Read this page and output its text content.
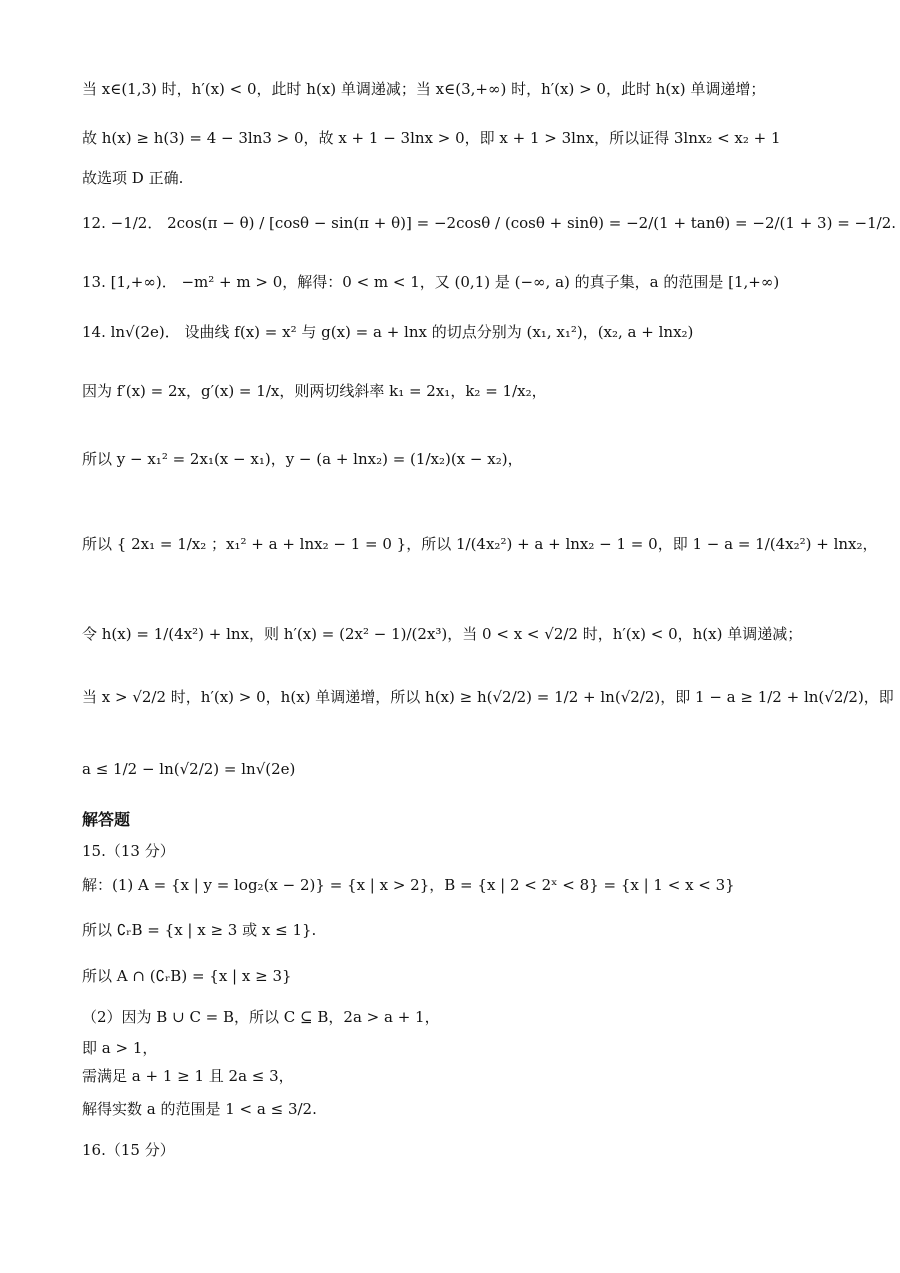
当 x∈(1,3) 时，h′(x) < 0，此时 h(x) 单调递减；当 x∈(3,+∞) 时，h′(x) > 0，此时 h(x) 单调递增；
故 h(x) ≥ h(3) = 4 − 3ln3 > 0，故 x + 1 − 3lnx > 0，即 x + 1 > 3lnx，所以证得 3lnx₂ < x₂ + 1
故选项 D 正确.
12. −1/2． 2cos(π − θ) / [cosθ − sin(π + θ)] = −2cosθ / (cosθ + sinθ) = −2/(1 + tanθ) = −2/(1 + 3) = −1/2.
13. [1,+∞)． −m² + m > 0，解得：0 < m < 1，又 (0,1) 是 (−∞, a) 的真子集，a 的范围是 [1,+∞)
14. ln√(2e)． 设曲线 f(x) = x² 与 g(x) = a + lnx 的切点分别为 (x₁, x₁²)，(x₂, a + lnx₂)
因为 f′(x) = 2x，g′(x) = 1/x，则两切线斜率 k₁ = 2x₁，k₂ = 1/x₂，
所以 y − x₁² = 2x₁(x − x₁)，y − (a + lnx₂) = (1/x₂)(x − x₂)，
所以 { 2x₁ = 1/x₂ ；x₁² + a + lnx₂ − 1 = 0 }，所以 1/(4x₂²) + a + lnx₂ − 1 = 0，即 1 − a = 1/(4x₂²) + lnx₂，
令 h(x) = 1/(4x²) + lnx，则 h′(x) = (2x² − 1)/(2x³)，当 0 < x < √2/2 时，h′(x) < 0，h(x) 单调递减；
当 x > √2/2 时，h′(x) > 0，h(x) 单调递增，所以 h(x) ≥ h(√2/2) = 1/2 + ln(√2/2)，即 1 − a ≥ 1/2 + ln(√2/2)，即
a ≤ 1/2 − ln(√2/2) = ln√(2e)
解答题
15.（13 分）
解：(1) A = {x | y = log₂(x − 2)} = {x | x > 2}，B = {x | 2 < 2ˣ < 8} = {x | 1 < x < 3}
所以 ∁ᵣB = {x | x ≥ 3 或 x ≤ 1}.
所以 A ∩ (∁ᵣB) = {x | x ≥ 3}
（2）因为 B ∪ C = B，所以 C ⊆ B，2a > a + 1，
即 a > 1，
需满足 a + 1 ≥ 1 且 2a ≤ 3，
解得实数 a 的范围是 1 < a ≤ 3/2.
16.（15 分）
